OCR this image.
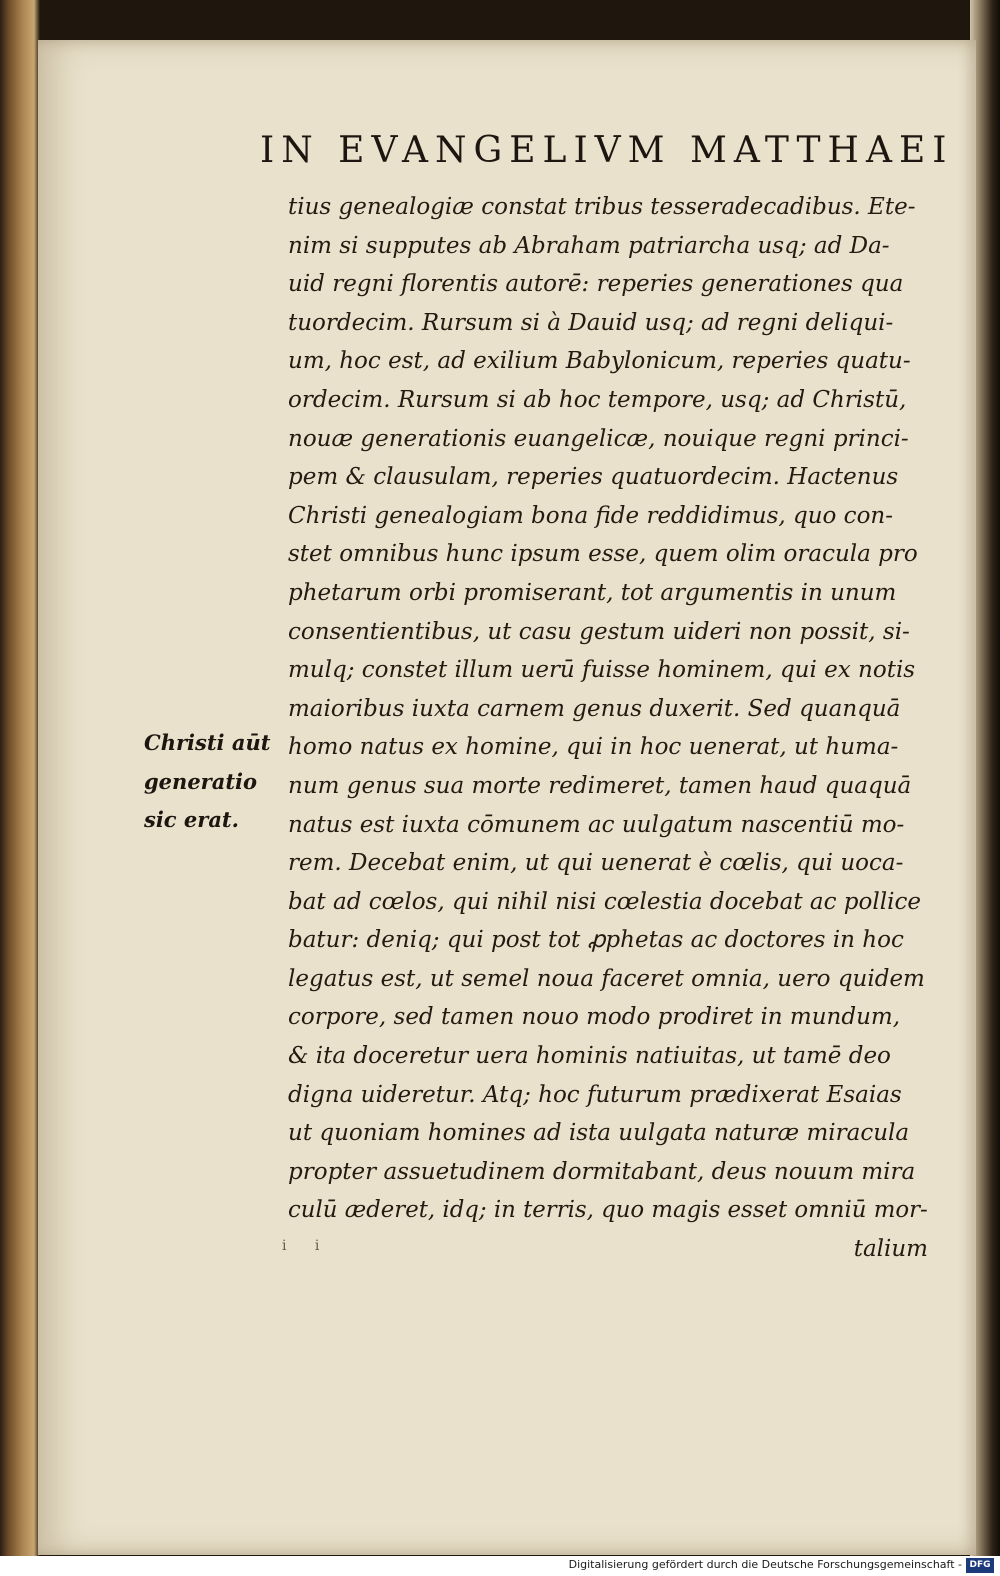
IN EVANGELIVM MATTHAEI
tius genealogiæ constat tribus tesseradecadibus. Ete-
nim si supputes ab Abraham patriarcha usq; ad Da-
uid regni florentis autorē: reperies generationes qua
tuordecim. Rursum si à Dauid usq; ad regni deliqui-
um, hoc est, ad exilium Babylonicum, reperies quatu-
ordecim. Rursum si ab hoc tempore, usq; ad Christū,
nouæ generationis euangelicæ, nouique regni princi-
pem & clausulam, reperies quatuordecim. Hactenus
Christi genealogiam bona fide reddidimus, quo con-
stet omnibus hunc ipsum esse, quem olim oracula pro
phetarum orbi promiserant, tot argumentis in unum
consentientibus, ut casu gestum uideri non possit, si-
mulq; constet illum uerū fuisse hominem, qui ex notis
maioribus iuxta carnem genus duxerit. Sed quanquā
homo natus ex homine, qui in hoc uenerat, ut huma-
num genus sua morte redimeret, tamen haud quaquā
natus est iuxta cōmunem ac uulgatum nascentiū mo-
rem. Decebat enim, ut qui uenerat è cœlis, qui uoca-
bat ad cœlos, qui nihil nisi cœlestia docebat ac pollice
batur: deniq; qui post tot ꝓphetas ac doctores in hoc
legatus est, ut semel noua faceret omnia, uero quidem
corpore, sed tamen nouo modo prodiret in mundum,
& ita doceretur uera hominis natiuitas, ut tamē deo
digna uideretur. Atq; hoc futurum prædixerat Esaias
ut quoniam homines ad ista uulgata naturæ miracula
propter assuetudinem dormitabant, deus nouum mira
culū æderet, idq; in terris, quo magis esset omniū mor-
talium
Christi aūt
generatio
sic erat.
i i
Digitalisierung gefördert durch die Deutsche Forschungsgemeinschaft - DFG
